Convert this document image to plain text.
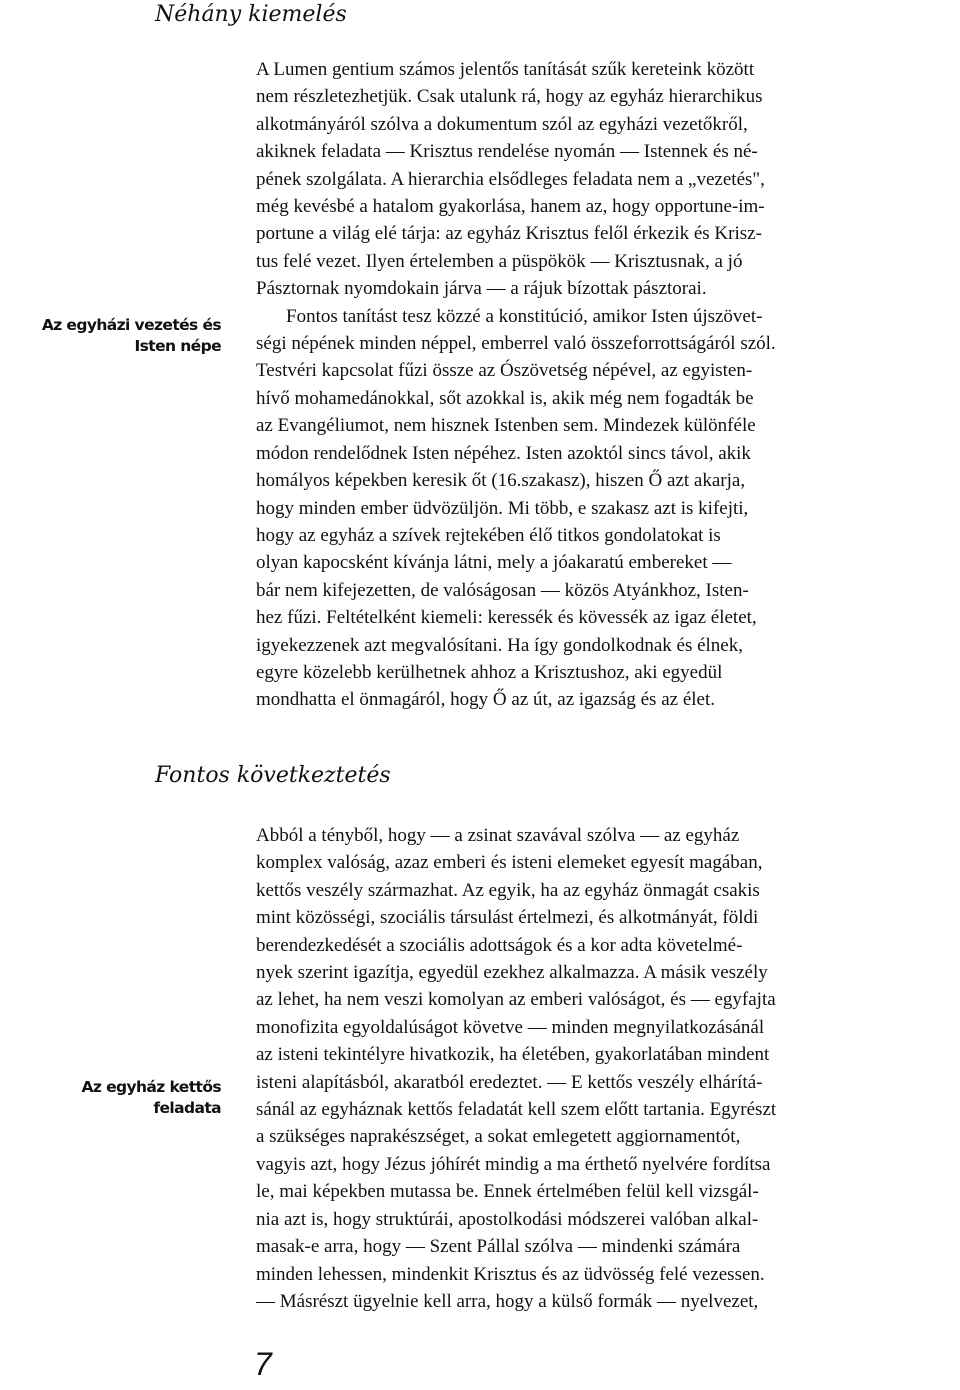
Néhány kiemelés
Az egyházi vezetés és Isten népe
A Lumen gentium számos jelentős tanítását szűk kereteink között
nem részletezhetjük. Csak utalunk rá, hogy az egyház hierarchikus
alkotmányáról szólva a dokumentum szól az egyházi vezetőkről,
akiknek feladata — Krisztus rendelése nyomán — Istennek és né-
pének szolgálata. A hierarchia elsődleges feladata nem a „vezetés",
még kevésbé a hatalom gyakorlása, hanem az, hogy opportune-im-
portune a világ elé tárja: az egyház Krisztus felől érkezik és Krisz-
tus felé vezet. Ilyen értelemben a püspökök — Krisztusnak, a jó
Pásztornak nyomdokain járva — a rájuk bízottak pásztorai.
Fontos tanítást tesz közzé a konstitúció, amikor Isten újszövet-
ségi népének minden néppel, emberrel való összeforrottságáról szól.
Testvéri kapcsolat fűzi össze az Ószövetség népével, az egyisten-
hívő mohamedánokkal, sőt azokkal is, akik még nem fogadták be
az Evangéliumot, nem hisznek Istenben sem. Mindezek különféle
módon rendelődnek Isten népéhez. Isten azoktól sincs távol, akik
homályos képekben keresik őt (16.szakasz), hiszen Ő azt akarja,
hogy minden ember üdvözüljön. Mi több, e szakasz azt is kifejti,
hogy az egyház a szívek rejtekében élő titkos gondolatokat is
olyan kapocsként kívánja látni, mely a jóakaratú embereket —
bár nem kifejezetten, de valóságosan — közös Atyánkhoz, Isten-
hez fűzi. Feltételként kiemeli: keressék és kövessék az igaz életet,
igyekezzenek azt megvalósítani. Ha így gondolkodnak és élnek,
egyre közelebb kerülhetnek ahhoz a Krisztushoz, aki egyedül
mondhatta el önmagáról, hogy Ő az út, az igazság és az élet.
Fontos következtetés
Az egyház kettős feladata
Abból a tényből, hogy — a zsinat szavával szólva — az egyház
komplex valóság, azaz emberi és isteni elemeket egyesít magában,
kettős veszély származhat. Az egyik, ha az egyház önmagát csakis
mint közösségi, szociális társulást értelmezi, és alkotmányát, földi
berendezkedését a szociális adottságok és a kor adta követelmé-
nyek szerint igazítja, egyedül ezekhez alkalmazza. A másik veszély
az lehet, ha nem veszi komolyan az emberi valóságot, és — egyfajta
monofizita egyoldalúságot követve — minden megnyilatkozásánál
az isteni tekintélyre hivatkozik, ha életében, gyakorlatában mindent
isteni alapításból, akaratból eredeztet. — E kettős veszély elhárítá-
sánál az egyháznak kettős feladatát kell szem előtt tartania. Egyrészt
a szükséges naprakészséget, a sokat emlegetett aggiornamentót,
vagyis azt, hogy Jézus jóhírét mindig a ma érthető nyelvére fordítsa
le, mai képekben mutassa be. Ennek értelmében felül kell vizsgál-
nia azt is, hogy struktúrái, apostolkodási módszerei valóban alkal-
masak-e arra, hogy — Szent Pállal szólva — mindenki számára
minden lehessen, mindenkit Krisztus és az üdvösség felé vezessen.
— Másrészt ügyelnie kell arra, hogy a külső formák — nyelvezet,
7
